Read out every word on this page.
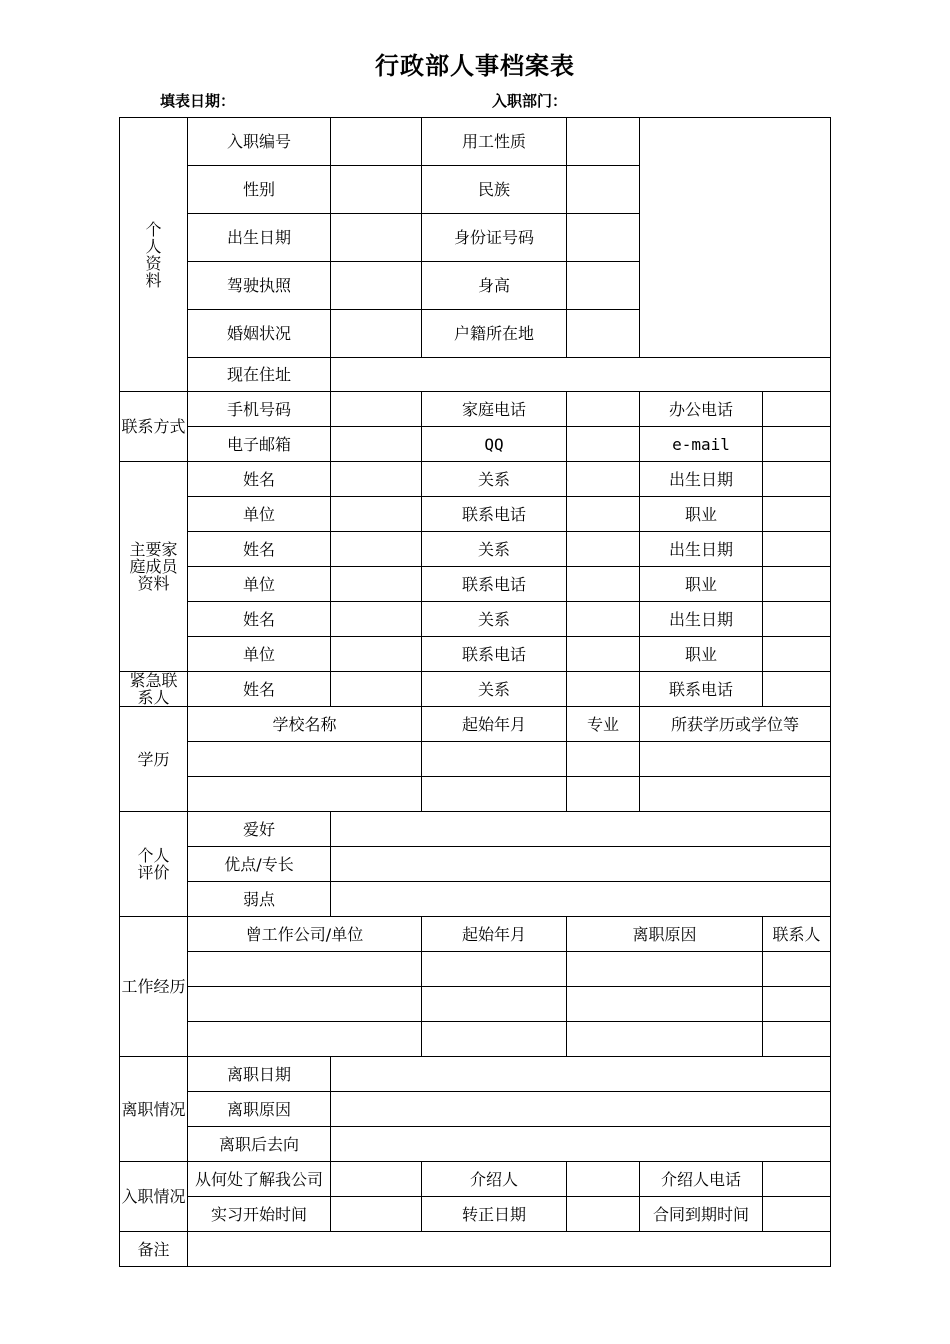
行政部人事档案表
填表日期：	入职部门：
个人资料	入职编号		用工性质			
	性别		民族			
	出生日期		身份证号码			
	驾驶执照		身高			
	婚姻状况		户籍所在地			
	现在住址					
联系方式	手机号码		家庭电话		办公电话	
	电子邮箱		QQ		e-mail	
主要家庭成员资料	姓名		关系		出生日期	
	单位		联系电话		职业	
	姓名		关系		出生日期	
	单位		联系电话		职业	
	姓名		关系		出生日期	
	单位		联系电话		职业	
紧急联系人	姓名		关系		联系电话	
学历	学校名称		起始年月	专业	所获学历或学位等	

个人评价	爱好					
	优点/专长					
	弱点					
工作经历	曾工作公司/单位		起始年月	离职原因		联系人

离职情况	离职日期					
	离职原因					
	离职后去向					
入职情况	从何处了解我公司		介绍人		介绍人电话	
	实习开始时间		转正日期		合同到期时间	
备注						
